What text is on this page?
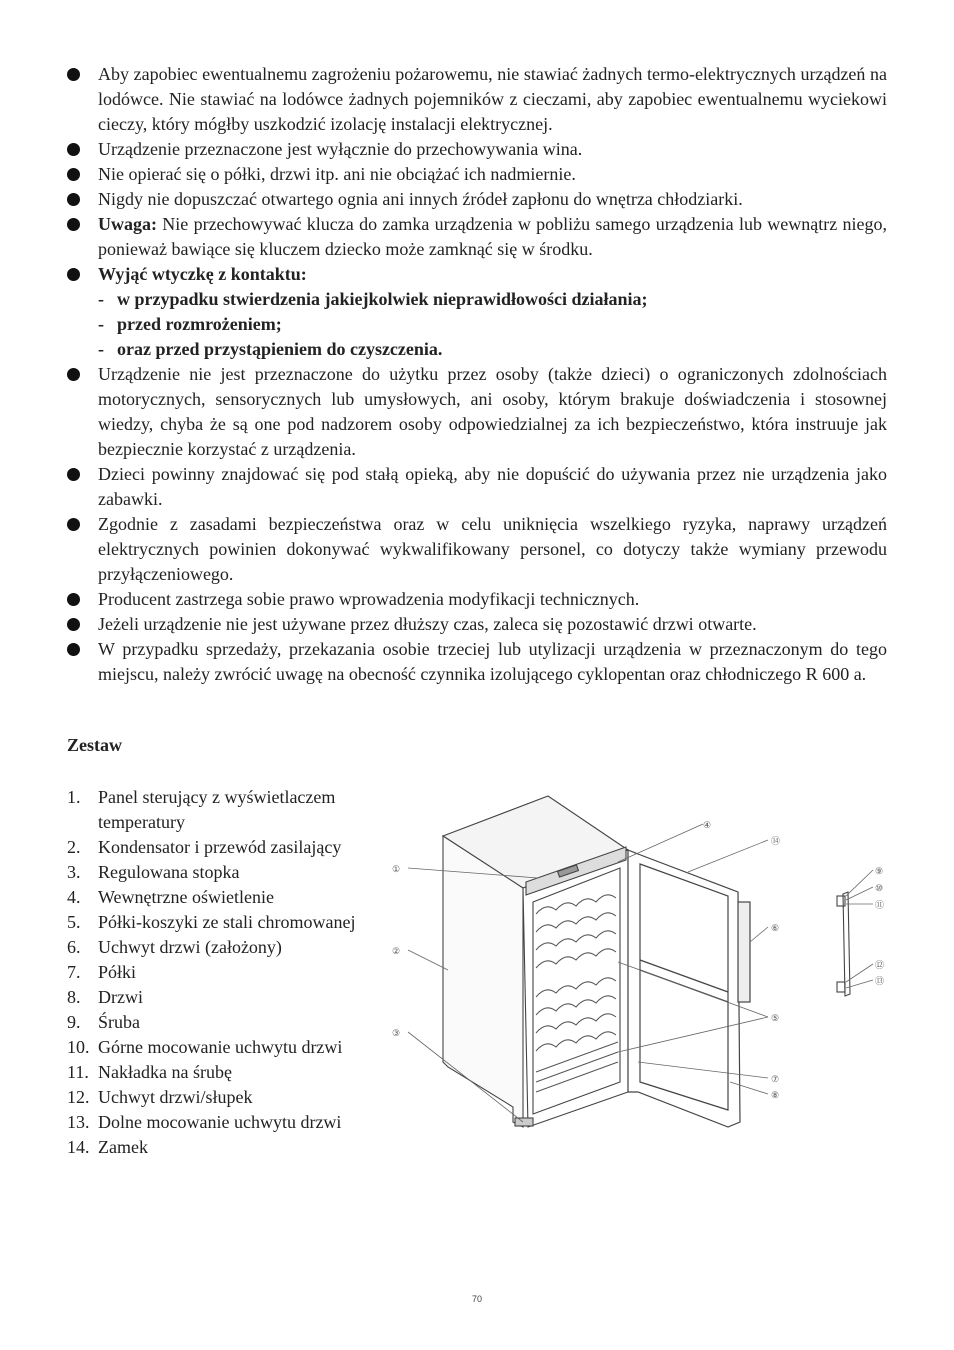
Aby zapobiec ewentualnemu zagrożeniu pożarowemu, nie stawiać żadnych termo-elektrycznych urządzeń na lodówce. Nie stawiać na lodówce żadnych pojemników z cieczami, aby zapobiec ewentualnemu wyciekowi cieczy, który mógłby uszkodzić izolację instalacji elektrycznej.
Urządzenie przeznaczone jest wyłącznie do przechowywania wina.
Nie opierać się o półki, drzwi itp. ani nie obciążać ich nadmiernie.
Nigdy nie dopuszczać otwartego ognia ani innych źródeł zapłonu do wnętrza chłodziarki.
Uwaga: Nie przechowywać klucza do zamka urządzenia w pobliżu samego urządzenia lub wewnątrz niego, ponieważ bawiące się kluczem dziecko może zamknąć się w środku.
Wyjąć wtyczkę z kontaktu:
- w przypadku stwierdzenia jakiejkolwiek nieprawidłowości działania;
- przed rozmrożeniem;
- oraz przed przystąpieniem do czyszczenia.
Urządzenie nie jest przeznaczone do użytku przez osoby (także dzieci) o ograniczonych zdolnościach motorycznych, sensorycznych lub umysłowych, ani osoby, którym brakuje doświadczenia i stosownej wiedzy, chyba że są one pod nadzorem osoby odpowiedzialnej za ich bezpieczeństwo, która instruuje jak bezpiecznie korzystać z urządzenia.
Dzieci powinny znajdować się pod stałą opieką, aby nie dopuścić do używania przez nie urządzenia jako zabawki.
Zgodnie z zasadami bezpieczeństwa oraz w celu uniknięcia wszelkiego ryzyka, naprawy urządzeń elektrycznych powinien dokonywać wykwalifikowany personel, co dotyczy także wymiany przewodu przyłączeniowego.
Producent zastrzega sobie prawo wprowadzenia modyfikacji technicznych.
Jeżeli urządzenie nie jest używane przez dłuższy czas, zaleca się pozostawić drzwi otwarte.
W przypadku sprzedaży, przekazania osobie trzeciej lub utylizacji urządzenia w przeznaczonym do tego miejscu, należy zwrócić uwagę na obecność czynnika izolującego cyklopentan oraz chłodniczego R 600 a.
Zestaw
1. Panel sterujący z wyświetlaczem temperatury
2. Kondensator i przewód zasilający
3. Regulowana stopka
4. Wewnętrzne oświetlenie
5. Półki-koszyki ze stali chromowanej
6. Uchwyt drzwi (założony)
7. Półki
8. Drzwi
9. Śruba
10. Górne mocowanie uchwytu drzwi
11. Nakładka na śrubę
12. Uchwyt drzwi/słupek
13. Dolne mocowanie uchwytu drzwi
14. Zamek
①
②
③
④
⑭
⑤
⑥
⑦
⑧
⑨
⑩
⑪
⑫
⑬
70
